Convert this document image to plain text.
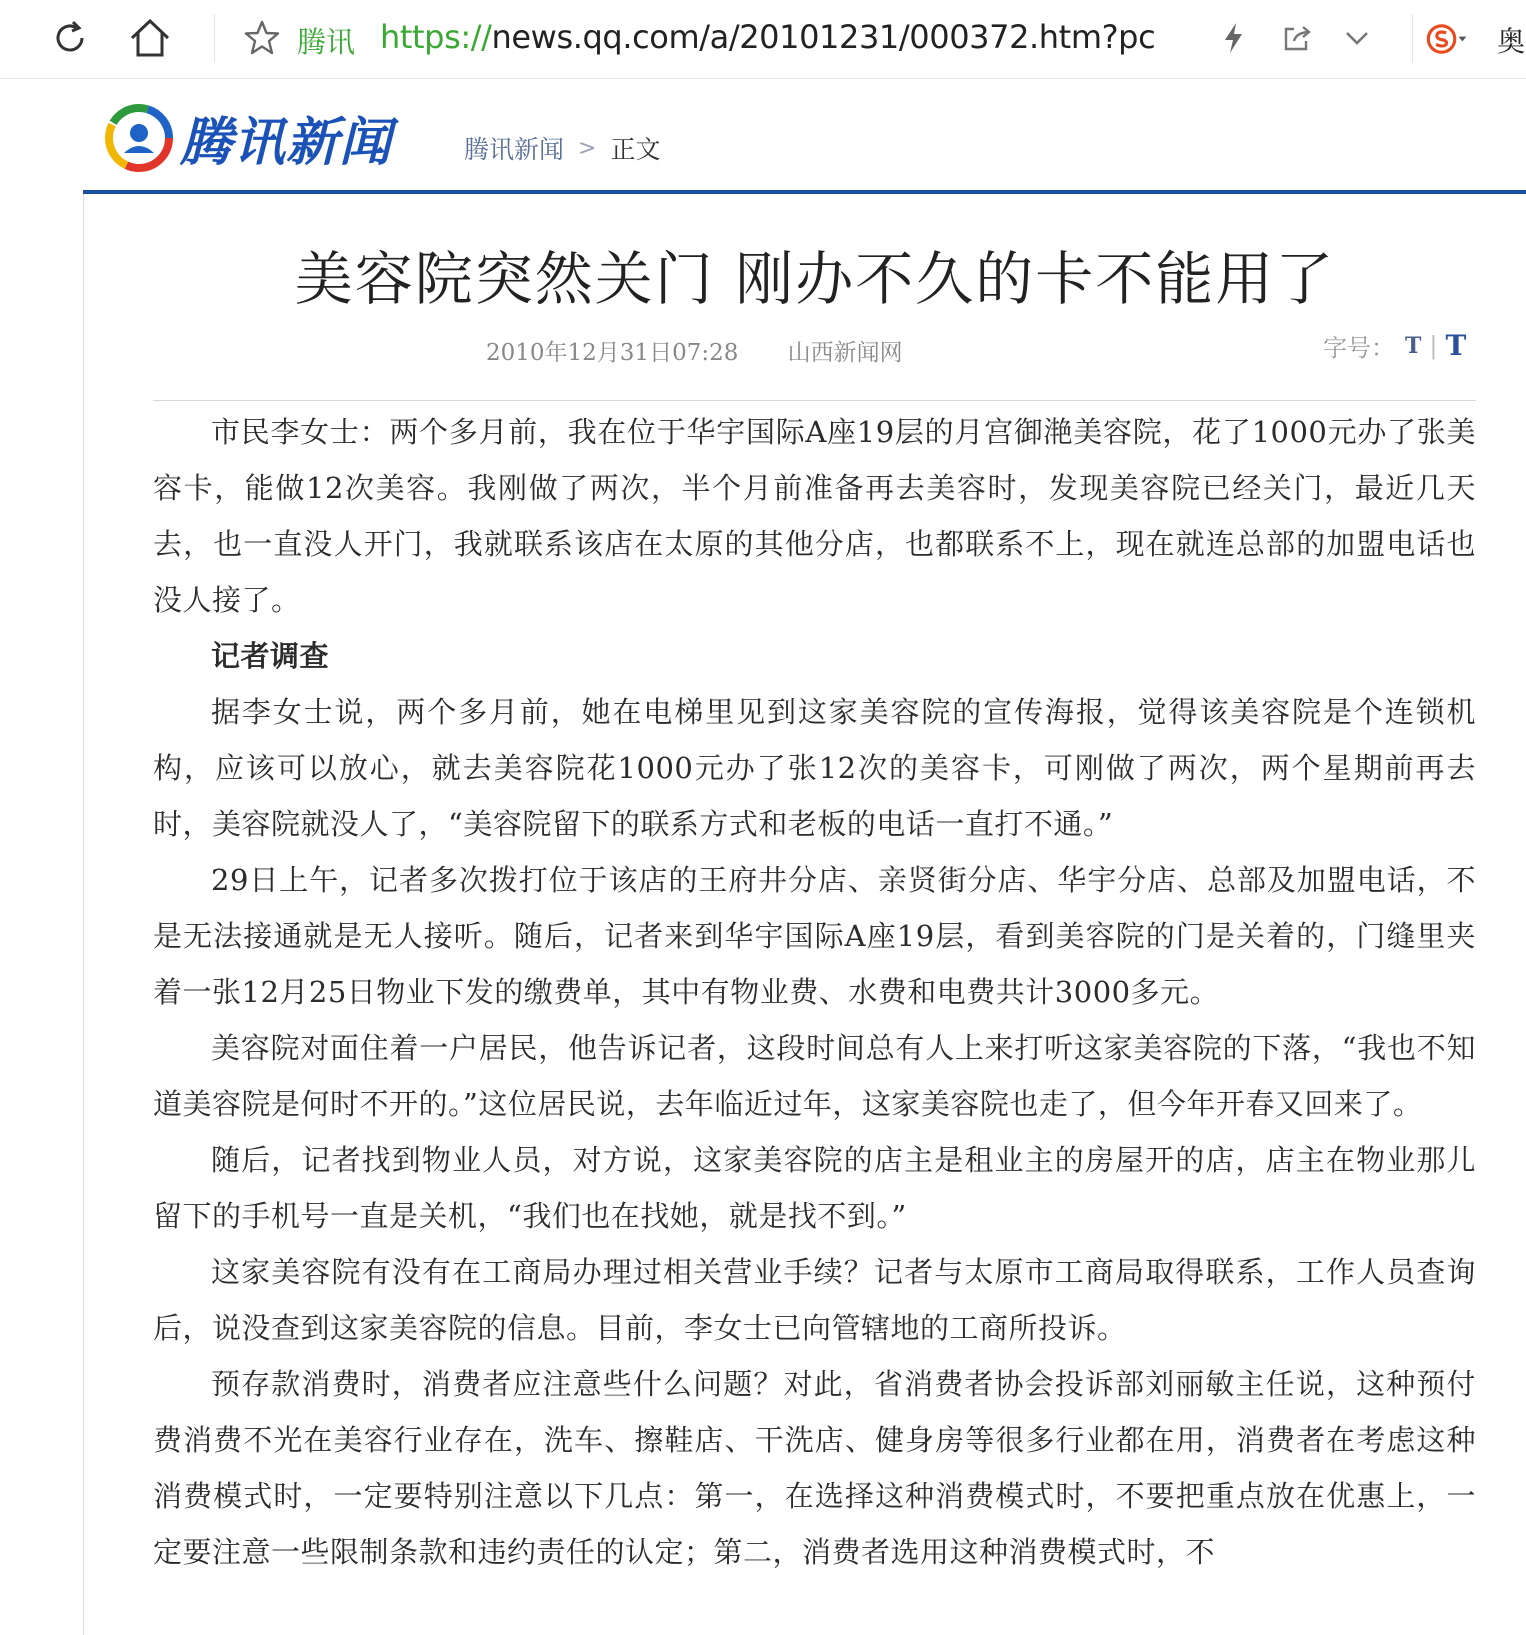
腾讯 https://news.qq.com/a/20101231/000372.htm?pc	奥
腾讯新闻	腾讯新闻 > 正文
美容院突然关门 刚办不久的卡不能用了
2010年12月31日07:28 山西新闻网	字号： T | T

市民李女士：两个多月前，我在位于华宇国际A座19层的月宫御滟美容院，花了1000元办了张美容卡，能做12次美容。我刚做了两次，半个月前准备再去美容时，发现美容院已经关门，最近几天去，也一直没人开门，我就联系该店在太原的其他分店，也都联系不上，现在就连总部的加盟电话也没人接了。

记者调查

据李女士说，两个多月前，她在电梯里见到这家美容院的宣传海报，觉得该美容院是个连锁机构，应该可以放心，就去美容院花1000元办了张12次的美容卡，可刚做了两次，两个星期前再去时，美容院就没人了，“美容院留下的联系方式和老板的电话一直打不通。”

29日上午，记者多次拨打位于该店的王府井分店、亲贤街分店、华宇分店、总部及加盟电话，不是无法接通就是无人接听。随后，记者来到华宇国际A座19层，看到美容院的门是关着的，门缝里夹着一张12月25日物业下发的缴费单，其中有物业费、水费和电费共计3000多元。

美容院对面住着一户居民，他告诉记者，这段时间总有人上来打听这家美容院的下落，“我也不知道美容院是何时不开的。”这位居民说，去年临近过年，这家美容院也走了，但今年开春又回来了。

随后，记者找到物业人员，对方说，这家美容院的店主是租业主的房屋开的店，店主在物业那儿留下的手机号一直是关机，“我们也在找她，就是找不到。”

这家美容院有没有在工商局办理过相关营业手续？记者与太原市工商局取得联系，工作人员查询后，说没查到这家美容院的信息。目前，李女士已向管辖地的工商所投诉。

预存款消费时，消费者应注意些什么问题？对此，省消费者协会投诉部刘丽敏主任说，这种预付费消费不光在美容行业存在，洗车、擦鞋店、干洗店、健身房等很多行业都在用，消费者在考虑这种消费模式时，一定要特别注意以下几点：第一，在选择这种消费模式时，不要把重点放在优惠上，一定要注意一些限制条款和违约责任的认定；第二，消费者选用这种消费模式时，不
